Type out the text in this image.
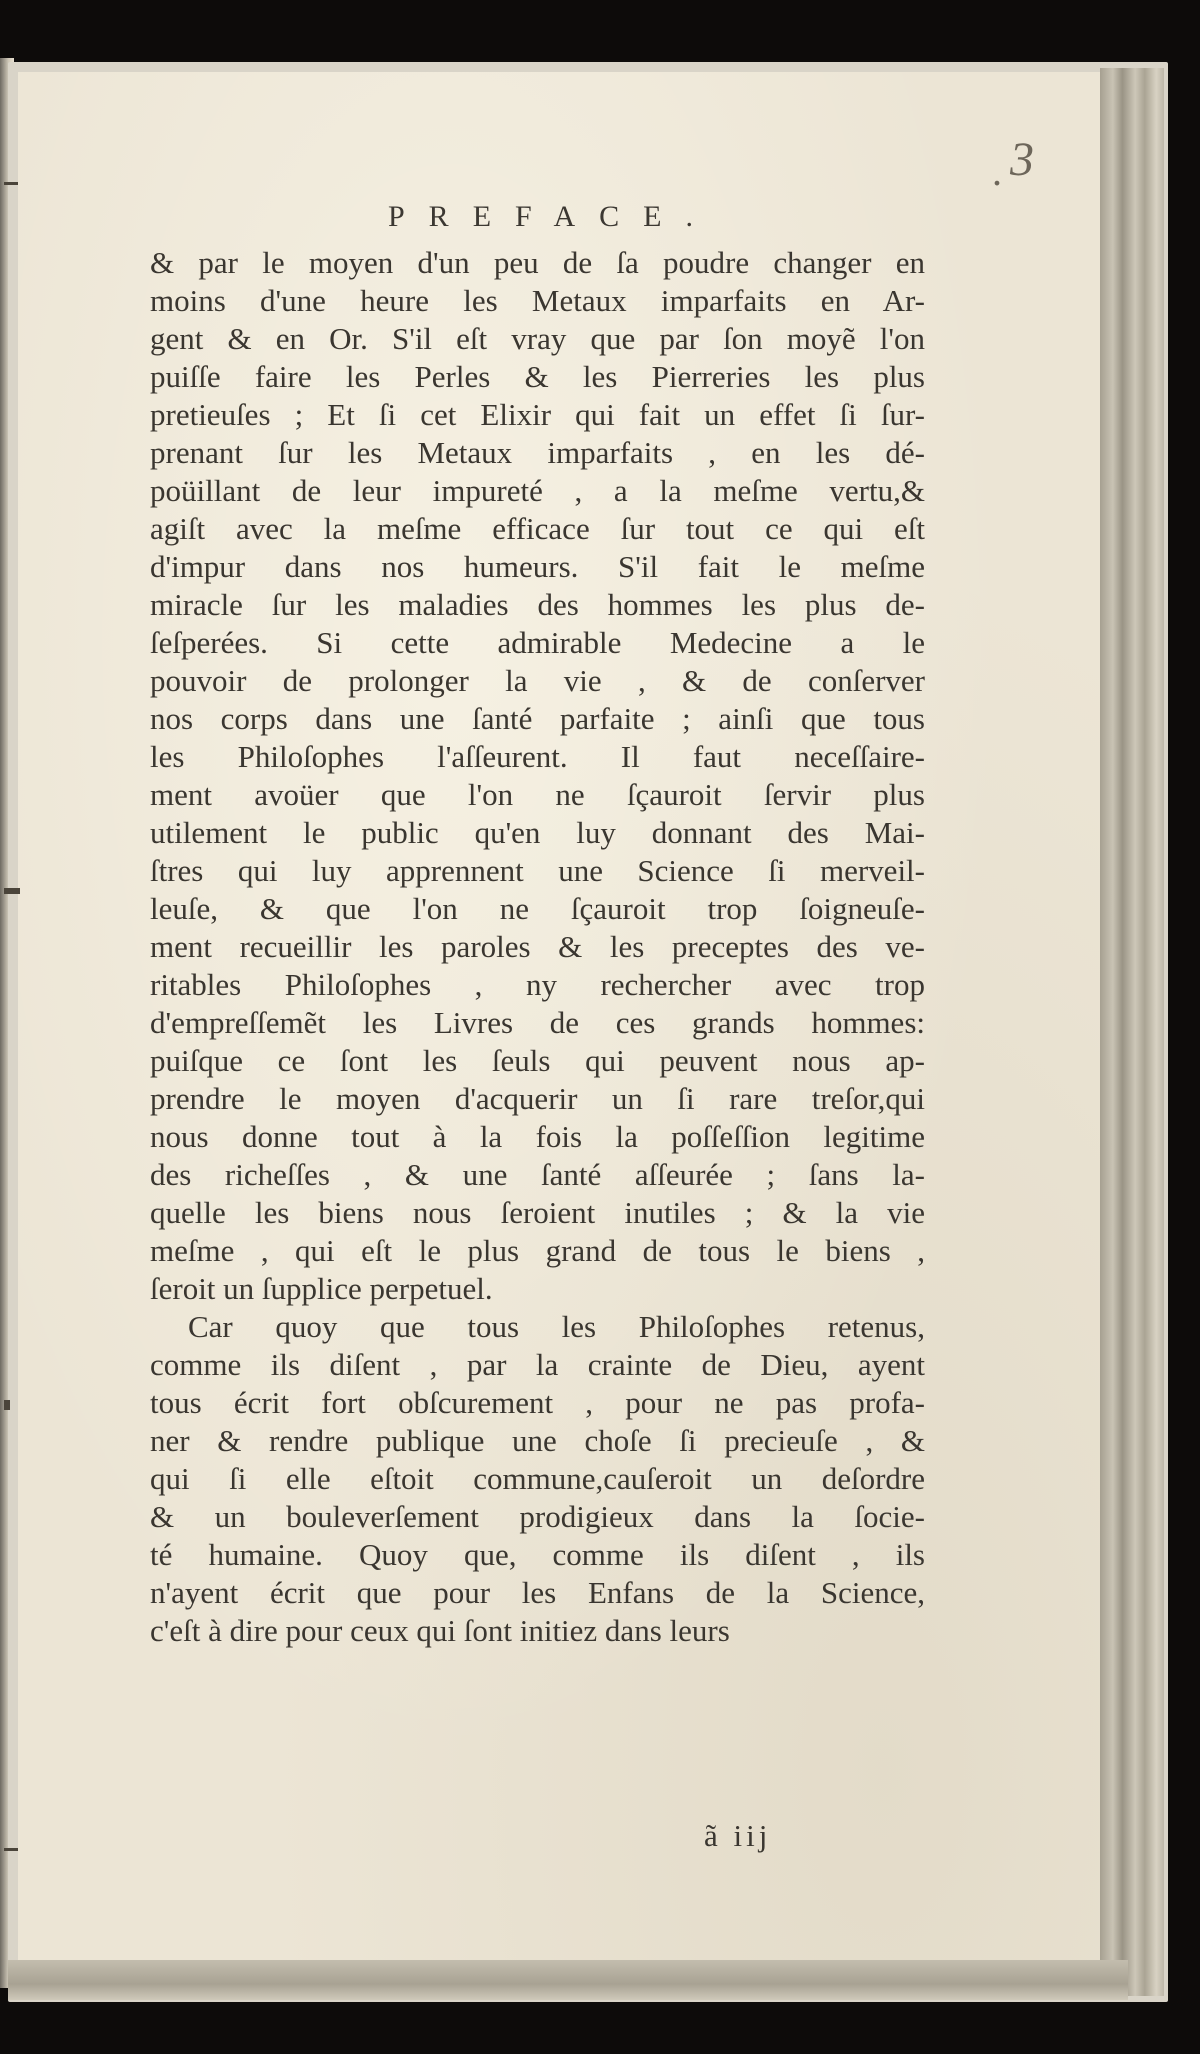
. 3
PREFACE.
& par le moyen d'un peu de ſa poudre changer en
moins d'une heure les Metaux imparfaits en Ar-
gent & en Or. S'il eſt vray que par ſon moyẽ l'on
puiſſe faire les Perles & les Pierreries les plus
pretieuſes ; Et ſi cet Elixir qui fait un effet ſi ſur-
prenant ſur les Metaux imparfaits , en les dé-
poüillant de leur impureté , a la meſme vertu,&
agiſt avec la meſme efficace ſur tout ce qui eſt
d'impur dans nos humeurs. S'il fait le meſme
miracle ſur les maladies des hommes les plus de-
ſeſperées. Si cette admirable Medecine a le
pouvoir de prolonger la vie , & de conſerver
nos corps dans une ſanté parfaite ; ainſi que tous
les Philoſophes l'aſſeurent. Il faut neceſſaire-
ment avoüer que l'on ne ſçauroit ſervir plus
utilement le public qu'en luy donnant des Mai-
ſtres qui luy apprennent une Science ſi merveil-
leuſe, & que l'on ne ſçauroit trop ſoigneuſe-
ment recueillir les paroles & les preceptes des ve-
ritables Philoſophes , ny rechercher avec trop
d'empreſſemẽt les Livres de ces grands hommes:
puiſque ce ſont les ſeuls qui peuvent nous ap-
prendre le moyen d'acquerir un ſi rare treſor,qui
nous donne tout à la fois la poſſeſſion legitime
des richeſſes , & une ſanté aſſeurée ; ſans la-
quelle les biens nous ſeroient inutiles ; & la vie
meſme , qui eſt le plus grand de tous le biens ,
ſeroit un ſupplice perpetuel.
Car quoy que tous les Philoſophes retenus,
comme ils diſent , par la crainte de Dieu, ayent
tous écrit fort obſcurement , pour ne pas profa-
ner & rendre publique une choſe ſi precieuſe , &
qui ſi elle eſtoit commune,cauſeroit un deſordre
& un bouleverſement prodigieux dans la ſocie-
té humaine. Quoy que, comme ils diſent , ils
n'ayent écrit que pour les Enfans de la Science,
c'eſt à dire pour ceux qui ſont initiez dans leurs
ã iij
